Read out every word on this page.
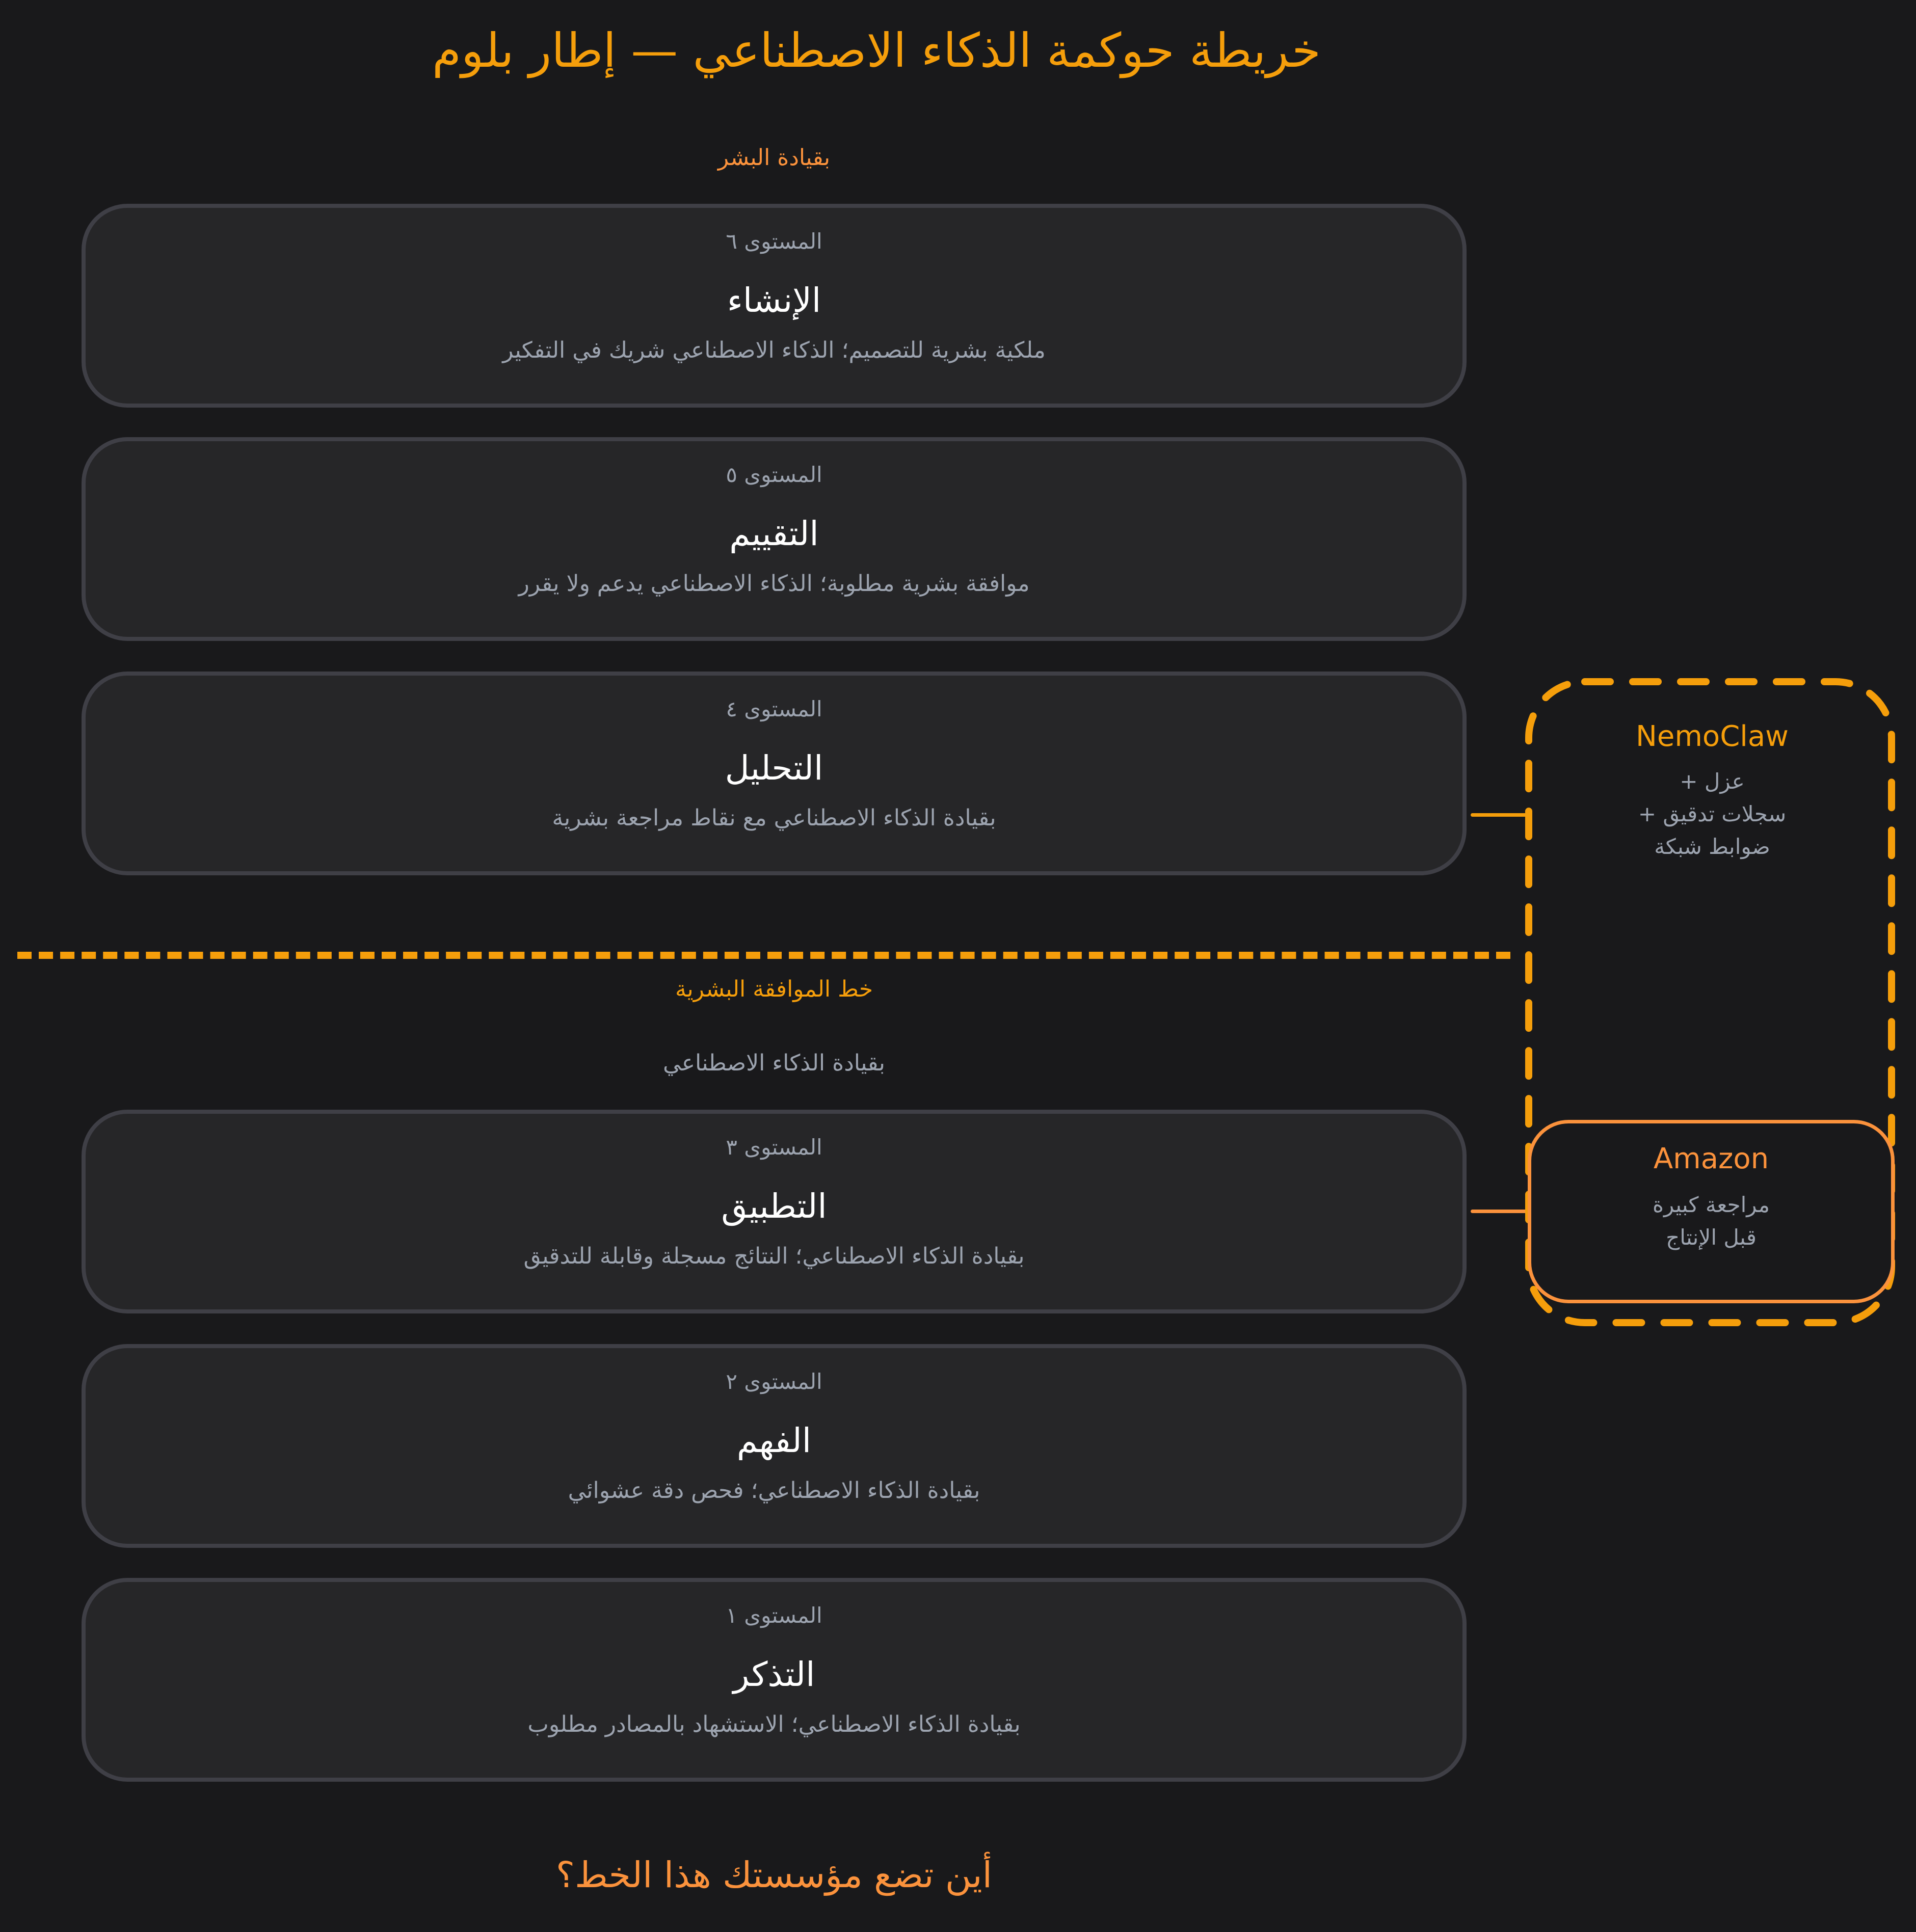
خريطة حوكمة الذكاء الاصطناعي — إطار بلوم
بقيادة البشر
المستوى ٦
الإنشاء
ملكية بشرية للتصميم؛ الذكاء الاصطناعي شريك في التفكير
المستوى ٥
التقييم
موافقة بشرية مطلوبة؛ الذكاء الاصطناعي يدعم ولا يقرر
المستوى ٤
التحليل
بقيادة الذكاء الاصطناعي مع نقاط مراجعة بشرية
خط الموافقة البشرية
بقيادة الذكاء الاصطناعي
المستوى ٣
التطبيق
بقيادة الذكاء الاصطناعي؛ النتائج مسجلة وقابلة للتدقيق
المستوى ٢
الفهم
بقيادة الذكاء الاصطناعي؛ فحص دقة عشوائي
المستوى ١
التذكر
بقيادة الذكاء الاصطناعي؛ الاستشهاد بالمصادر مطلوب
NemoClaw
عزل +
سجلات تدقيق +
ضوابط شبكة
Amazon
مراجعة كبيرة
قبل الإنتاج
أين تضع مؤسستك هذا الخط؟
